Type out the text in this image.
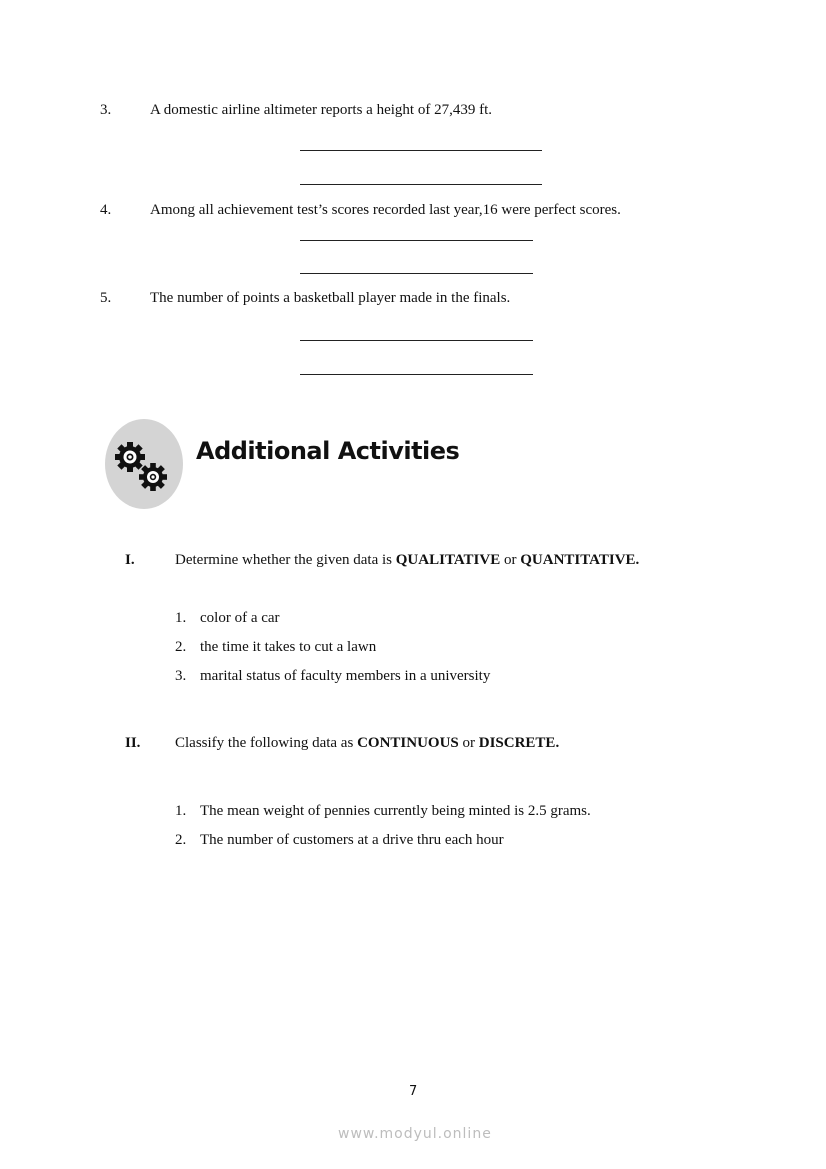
3.	A domestic airline altimeter reports a height of 27,439 ft.
4.	Among all achievement test’s scores recorded last year,16 were perfect scores.
5.	The number of points a basketball player made in the finals.
Additional Activities
I.	Determine whether the given data is QUALITATIVE or QUANTITATIVE.
1. color of a car
2. the time it takes to cut a lawn
3. marital status of faculty members in a university
II. Classify the following data as CONTINUOUS or DISCRETE.
1. The mean weight of pennies currently being minted is 2.5 grams.
2. The number of customers at a drive thru each hour
7
www.modyul.online
